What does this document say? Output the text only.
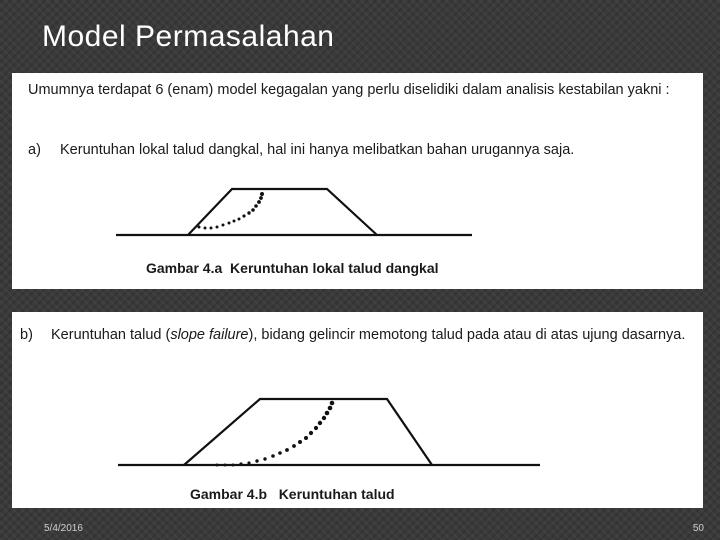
Model Permasalahan
Umumnya terdapat 6 (enam) model kegagalan yang perlu diselidiki dalam analisis kestabilan yakni :
a) Keruntuhan lokal talud dangkal, hal ini hanya melibatkan bahan urugannya saja.
Gambar 4.a  Keruntuhan lokal talud dangkal
b) Keruntuhan talud (slope failure), bidang gelincir memotong talud pada atau di atas ujung dasarnya.
Gambar 4.b   Keruntuhan talud
5/4/2016	50
